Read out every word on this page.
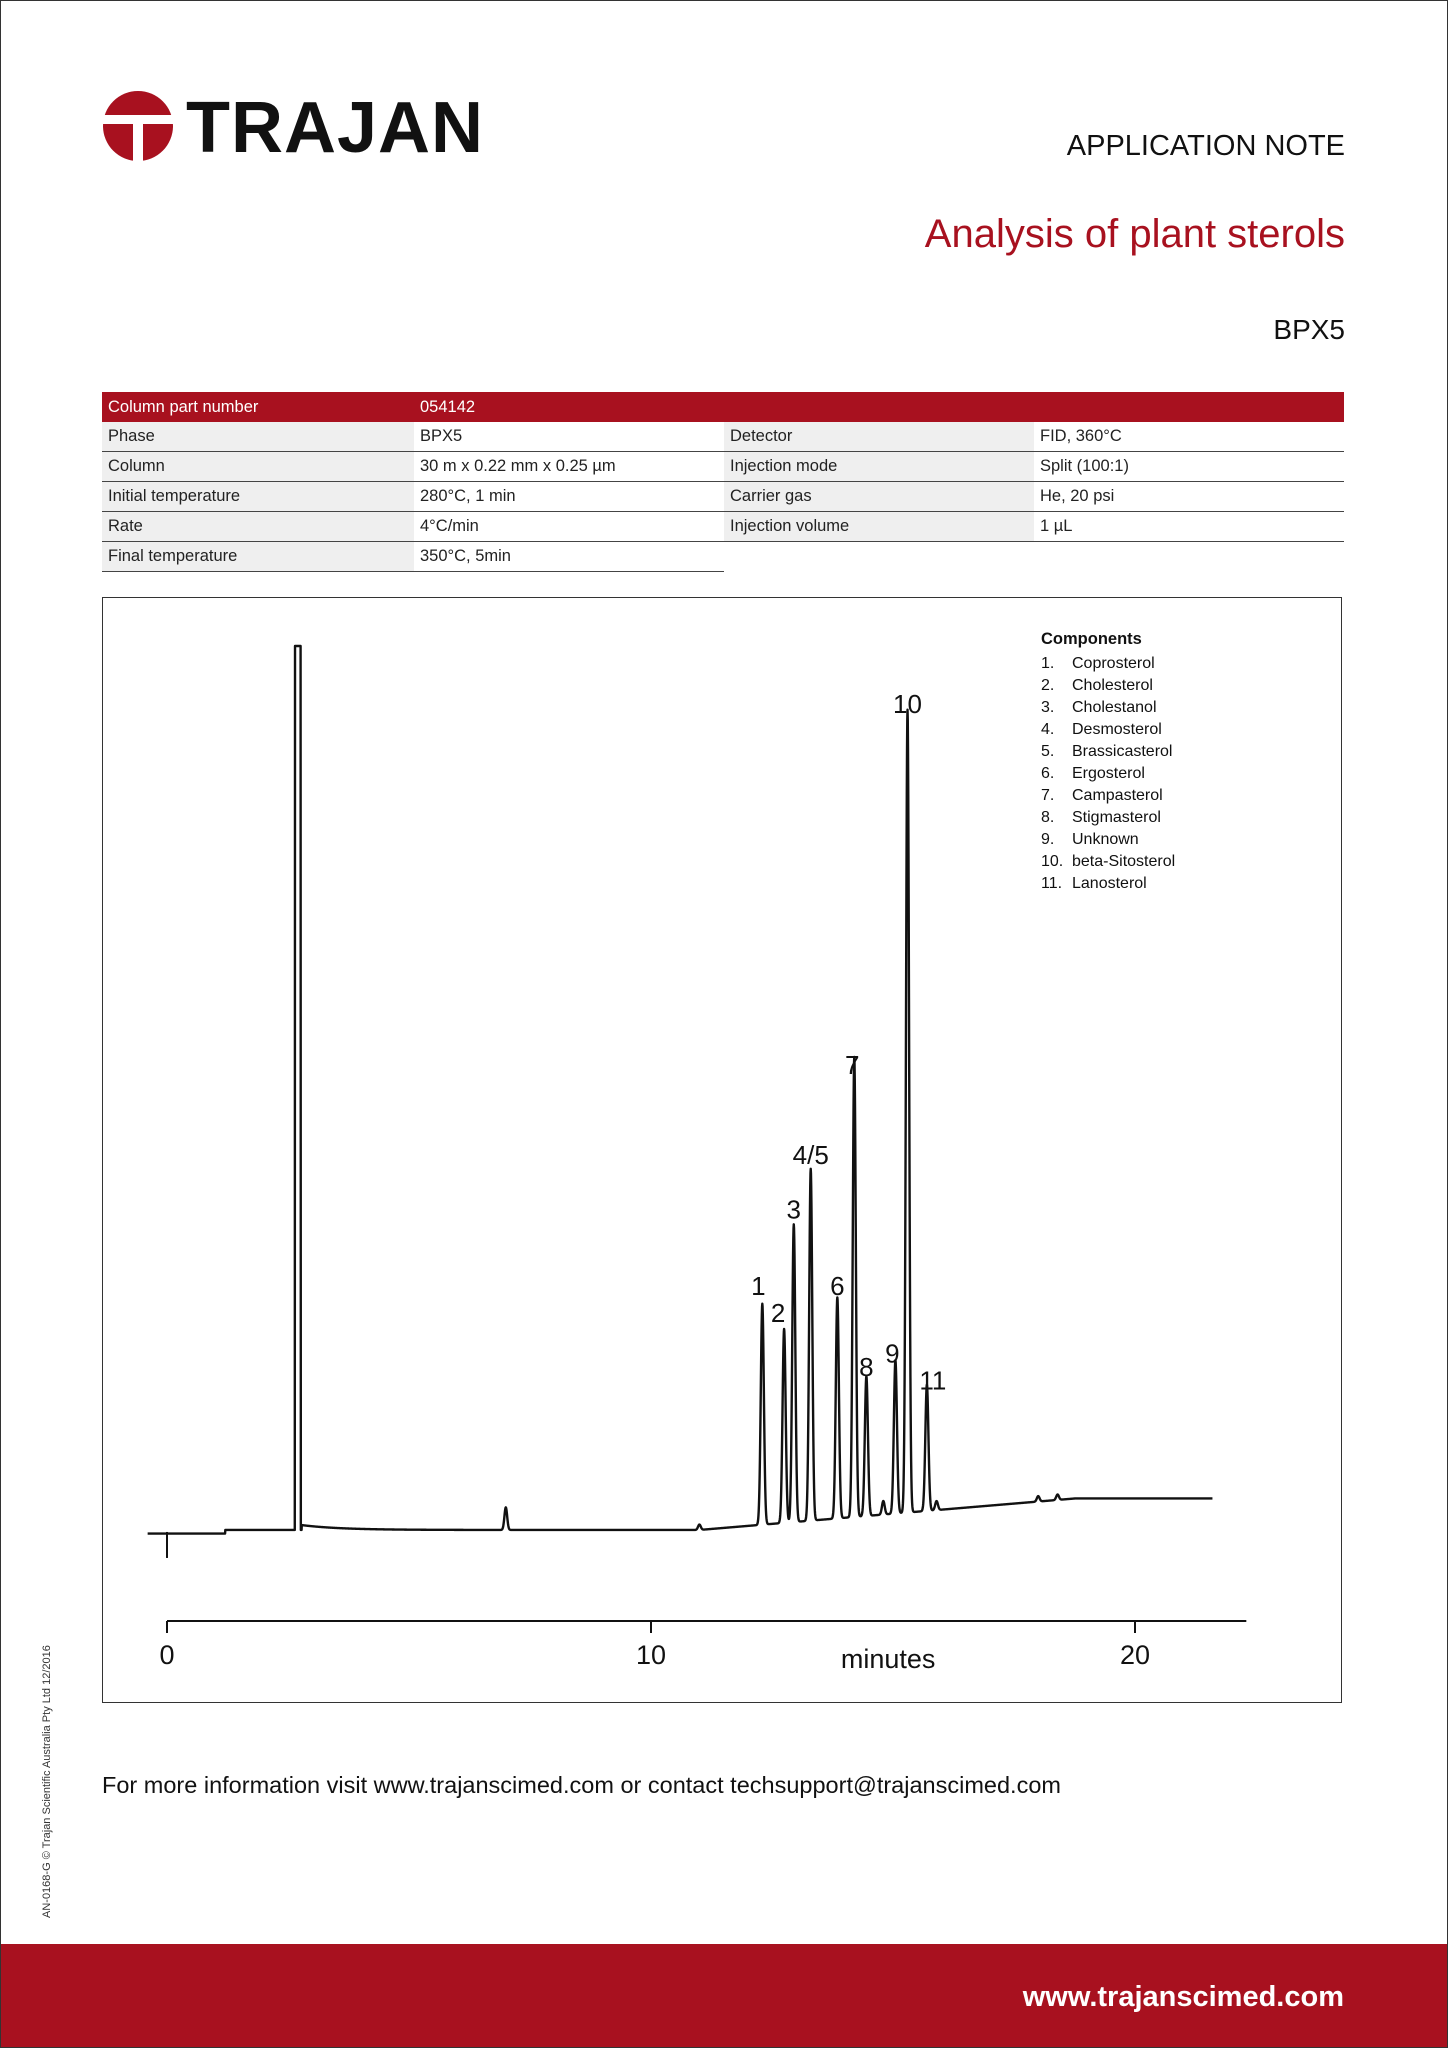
TRAJAN	APPLICATION NOTE
Analysis of plant sterols
BPX5
Column part number	054142		
Phase	BPX5	Detector	FID, 360°C
Column	30 m x 0.22 mm x 0.25 µm	Injection mode	Split (100:1)
Initial temperature	280°C, 1 min	Carrier gas	He, 20 psi
Rate	4°C/min	Injection volume	1 µL
Final temperature	350°C, 5min		
0	10	20
minutes
1
2
3
4/5
6
7
8 9
10
11
Components
1. Coprosterol
2. Cholesterol
3. Cholestanol
4. Desmosterol
5. Brassicasterol
6. Ergosterol
7. Campasterol
8. Stigmasterol
9. Unknown
10. beta-Sitosterol
11. Lanosterol
For more information visit www.trajanscimed.com or contact techsupport@trajanscimed.com
AN-0168-G © Trajan Scientific Australia Pty Ltd 12/2016
www.trajanscimed.com
